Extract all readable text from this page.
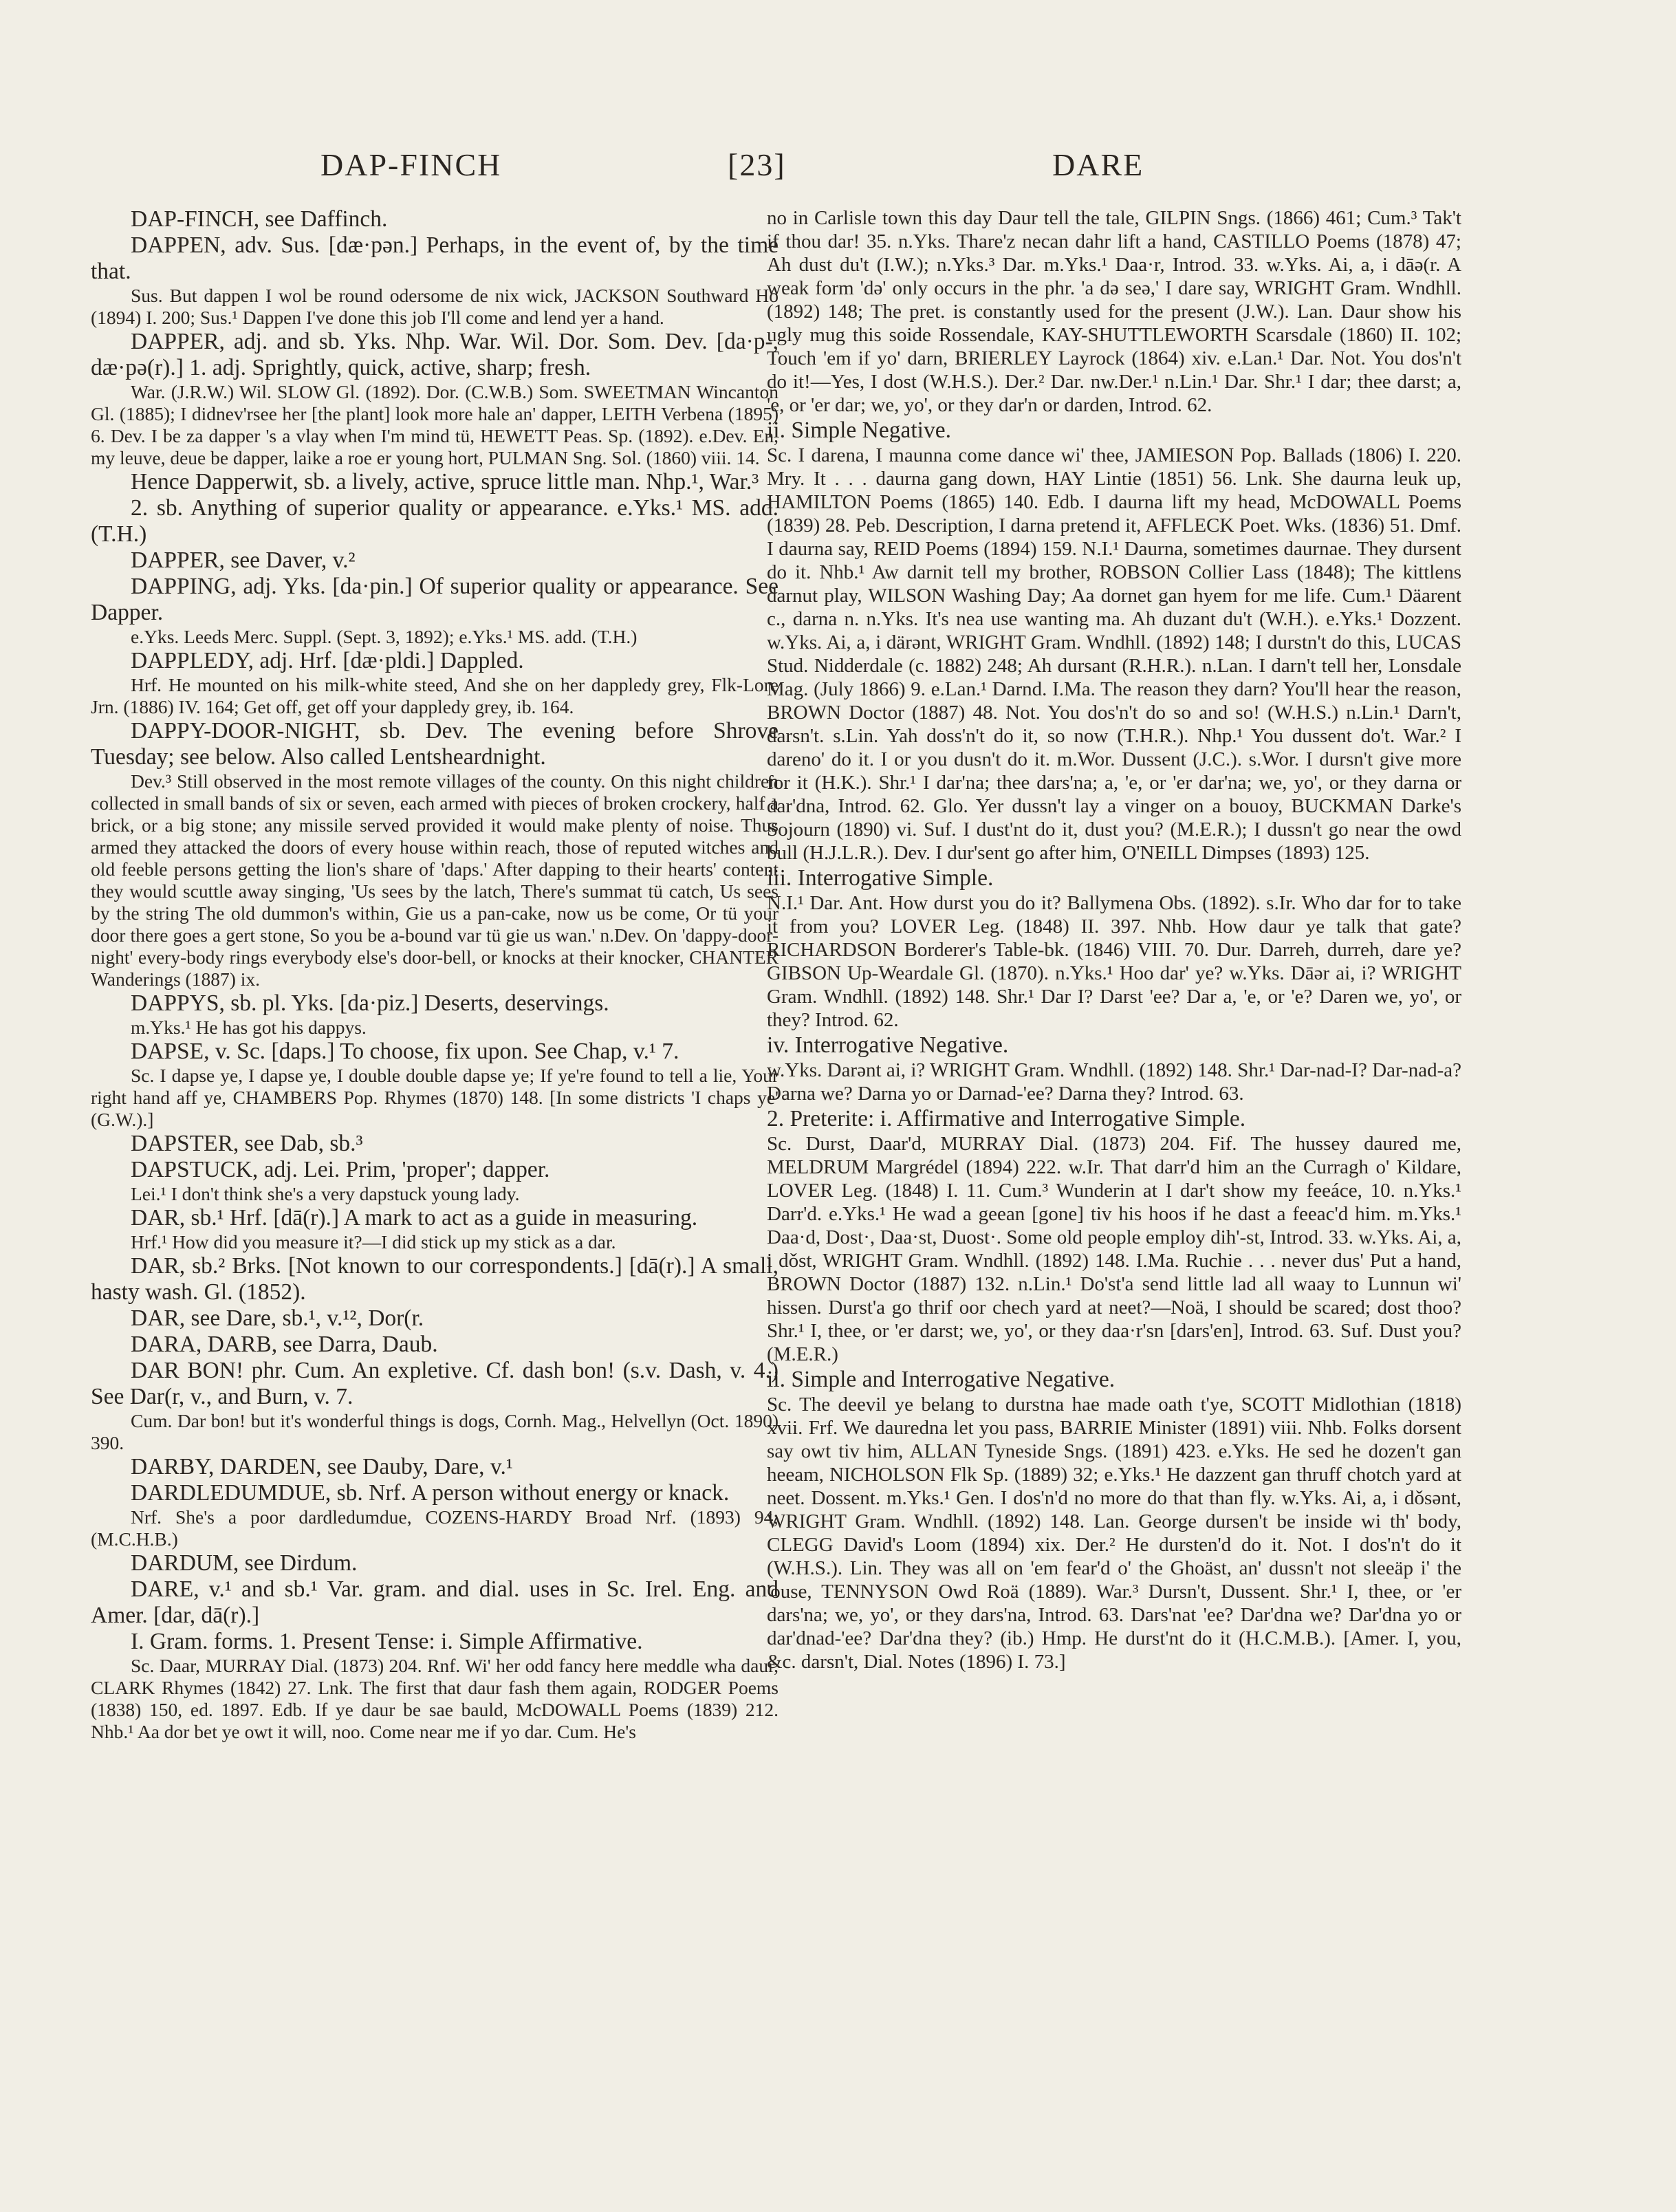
DAP-FINCH	[23]	DARE

DAP-FINCH, see Daffinch.

DAPPEN, adv. Sus. [dæ·pən.] Perhaps, in the event of, by the time that.

Sus. But dappen I wol be round odersome de nix wick, JACKSON Southward Ho (1894) I. 200; Sus.¹ Dappen I've done this job I'll come and lend yer a hand.

DAPPER, adj. and sb. Yks. Nhp. War. Wil. Dor. Som. Dev. [da·p-, dæ·pə(r).] 1. adj. Sprightly, quick, active, sharp; fresh.

War. (J.R.W.) Wil. SLOW Gl. (1892). Dor. (C.W.B.) Som. SWEETMAN Wincanton Gl. (1885); I didnev'rsee her [the plant] look more hale an' dapper, LEITH Verbena (1895) 6. Dev. I be za dapper 's a vlay when I'm mind tü, HEWETT Peas. Sp. (1892). e.Dev. En, my leuve, deue be dapper, laike a roe er young hort, PULMAN Sng. Sol. (1860) viii. 14.

Hence Dapperwit, sb. a lively, active, spruce little man. Nhp.¹, War.³

2. sb. Anything of superior quality or appearance. e.Yks.¹ MS. add. (T.H.)

DAPPER, see Daver, v.²

DAPPING, adj. Yks. [da·pin.] Of superior quality or appearance. See Dapper.

e.Yks. Leeds Merc. Suppl. (Sept. 3, 1892); e.Yks.¹ MS. add. (T.H.)

DAPPLEDY, adj. Hrf. [dæ·pldi.] Dappled.

Hrf. He mounted on his milk-white steed, And she on her dappledy grey, Flk-Lore Jrn. (1886) IV. 164; Get off, get off your dappledy grey, ib. 164.

DAPPY-DOOR-NIGHT, sb. Dev. The evening before Shrove Tuesday; see below. Also called Lentsheardnight.

Dev.³ Still observed in the most remote villages of the county. On this night children collected in small bands of six or seven, each armed with pieces of broken crockery, half a brick, or a big stone; any missile served provided it would make plenty of noise. Thus armed they attacked the doors of every house within reach, those of reputed witches and old feeble persons getting the lion's share of 'daps.' After dapping to their hearts' content they would scuttle away singing, 'Us sees by the latch, There's summat tü catch, Us sees by the string The old dummon's within, Gie us a pan-cake, now us be come, Or tü your door there goes a gert stone, So you be a-bound var tü gie us wan.' n.Dev. On 'dappy-door-night' every-body rings everybody else's door-bell, or knocks at their knocker, CHANTER Wanderings (1887) ix.

DAPPYS, sb. pl. Yks. [da·piz.] Deserts, deservings.

m.Yks.¹ He has got his dappys.

DAPSE, v. Sc. [daps.] To choose, fix upon. See Chap, v.¹ 7.

Sc. I dapse ye, I dapse ye, I double double dapse ye; If ye're found to tell a lie, Your right hand aff ye, CHAMBERS Pop. Rhymes (1870) 148. [In some districts 'I chaps ye' (G.W.).]

DAPSTER, see Dab, sb.³

DAPSTUCK, adj. Lei. Prim, 'proper'; dapper.

Lei.¹ I don't think she's a very dapstuck young lady.

DAR, sb.¹ Hrf. [dā(r).] A mark to act as a guide in measuring.

Hrf.¹ How did you measure it?—I did stick up my stick as a dar.

DAR, sb.² Brks. [Not known to our correspondents.] [dā(r).] A small, hasty wash. Gl. (1852).

DAR, see Dare, sb.¹, v.¹², Dor(r.

DARA, DARB, see Darra, Daub.

DAR BON! phr. Cum. An expletive. Cf. dash bon! (s.v. Dash, v. 4.) See Dar(r, v., and Burn, v. 7.

Cum. Dar bon! but it's wonderful things is dogs, Cornh. Mag., Helvellyn (Oct. 1890) 390.

DARBY, DARDEN, see Dauby, Dare, v.¹

DARDLEDUMDUE, sb. Nrf. A person without energy or knack.

Nrf. She's a poor dardledumdue, COZENS-HARDY Broad Nrf. (1893) 94; (M.C.H.B.)

DARDUM, see Dirdum.

DARE, v.¹ and sb.¹ Var. gram. and dial. uses in Sc. Irel. Eng. and Amer. [dar, dā(r).]

I. Gram. forms. 1. Present Tense: i. Simple Affirmative.

Sc. Daar, MURRAY Dial. (1873) 204. Rnf. Wi' her odd fancy here meddle wha daur, CLARK Rhymes (1842) 27. Lnk. The first that daur fash them again, RODGER Poems (1838) 150, ed. 1897. Edb. If ye daur be sae bauld, McDOWALL Poems (1839) 212. Nhb.¹ Aa dor bet ye owt it will, noo. Come near me if yo dar. Cum. He's

no in Carlisle town this day Daur tell the tale, GILPIN Sngs. (1866) 461; Cum.³ Tak't if thou dar! 35. n.Yks. Thare'z necan dahr lift a hand, CASTILLO Poems (1878) 47; Ah dust du't (I.W.); n.Yks.³ Dar. m.Yks.¹ Daa·r, Introd. 33. w.Yks. Ai, a, i dāə(r. A weak form 'də' only occurs in the phr. 'a də seə,' I dare say, WRIGHT Gram. Wndhll. (1892) 148; The pret. is constantly used for the present (J.W.). Lan. Daur show his ugly mug this soide Rossendale, KAY-SHUTTLEWORTH Scarsdale (1860) II. 102; Touch 'em if yo' darn, BRIERLEY Layrock (1864) xiv. e.Lan.¹ Dar. Not. You dos'n't do it!—Yes, I dost (W.H.S.). Der.² Dar. nw.Der.¹ n.Lin.¹ Dar. Shr.¹ I dar; thee darst; a, 'e, or 'er dar; we, yo', or they dar'n or darden, Introd. 62.

ii. Simple Negative.

Sc. I darena, I maunna come dance wi' thee, JAMIESON Pop. Ballads (1806) I. 220. Mry. It . . . daurna gang down, HAY Lintie (1851) 56. Lnk. She daurna leuk up, HAMILTON Poems (1865) 140. Edb. I daurna lift my head, McDOWALL Poems (1839) 28. Peb. Description, I darna pretend it, AFFLECK Poet. Wks. (1836) 51. Dmf. I daurna say, REID Poems (1894) 159. N.I.¹ Daurna, sometimes daurnae. They dursent do it. Nhb.¹ Aw darnit tell my brother, ROBSON Collier Lass (1848); The kittlens darnut play, WILSON Washing Day; Aa dornet gan hyem for me life. Cum.¹ Däarent c., darna n. n.Yks. It's nea use wanting ma. Ah duzant du't (W.H.). e.Yks.¹ Dozzent. w.Yks. Ai, a, i därənt, WRIGHT Gram. Wndhll. (1892) 148; I durstn't do this, LUCAS Stud. Nidderdale (c. 1882) 248; Ah dursant (R.H.R.). n.Lan. I darn't tell her, Lonsdale Mag. (July 1866) 9. e.Lan.¹ Darnd. I.Ma. The reason they darn? You'll hear the reason, BROWN Doctor (1887) 48. Not. You dos'n't do so and so! (W.H.S.) n.Lin.¹ Darn't, darsn't. s.Lin. Yah doss'n't do it, so now (T.H.R.). Nhp.¹ You dussent do't. War.² I dareno' do it. I or you dusn't do it. m.Wor. Dussent (J.C.). s.Wor. I dursn't give more for it (H.K.). Shr.¹ I dar'na; thee dars'na; a, 'e, or 'er dar'na; we, yo', or they darna or dar'dna, Introd. 62. Glo. Yer dussn't lay a vinger on a bouoy, BUCKMAN Darke's Sojourn (1890) vi. Suf. I dust'nt do it, dust you? (M.E.R.); I dussn't go near the owd bull (H.J.L.R.). Dev. I dur'sent go after him, O'NEILL Dimpses (1893) 125.

iii. Interrogative Simple.

N.I.¹ Dar. Ant. How durst you do it? Ballymena Obs. (1892). s.Ir. Who dar for to take it from you? LOVER Leg. (1848) II. 397. Nhb. How daur ye talk that gate? RICHARDSON Borderer's Table-bk. (1846) VIII. 70. Dur. Darreh, durreh, dare ye? GIBSON Up-Weardale Gl. (1870). n.Yks.¹ Hoo dar' ye? w.Yks. Dāər ai, i? WRIGHT Gram. Wndhll. (1892) 148. Shr.¹ Dar I? Darst 'ee? Dar a, 'e, or 'e? Daren we, yo', or they? Introd. 62.

iv. Interrogative Negative.

w.Yks. Darənt ai, i? WRIGHT Gram. Wndhll. (1892) 148. Shr.¹ Dar-nad-I? Dar-nad-a? Darna we? Darna yo or Darnad-'ee? Darna they? Introd. 63.

2. Preterite: i. Affirmative and Interrogative Simple.

Sc. Durst, Daar'd, MURRAY Dial. (1873) 204. Fif. The hussey daured me, MELDRUM Margrédel (1894) 222. w.Ir. That darr'd him an the Curragh o' Kildare, LOVER Leg. (1848) I. 11. Cum.³ Wunderin at I dar't show my feeáce, 10. n.Yks.¹ Darr'd. e.Yks.¹ He wad a geean [gone] tiv his hoos if he dast a feeac'd him. m.Yks.¹ Daa·d, Dost·, Daa·st, Duost·. Some old people employ dih'-st, Introd. 33. w.Yks. Ai, a, i dǒst, WRIGHT Gram. Wndhll. (1892) 148. I.Ma. Ruchie . . . never dus' Put a hand, BROWN Doctor (1887) 132. n.Lin.¹ Do'st'a send little lad all waay to Lunnun wi' hissen. Durst'a go thrif oor chech yard at neet?—Noä, I should be scared; dost thoo? Shr.¹ I, thee, or 'er darst; we, yo', or they daa·r'sn [dars'en], Introd. 63. Suf. Dust you? (M.E.R.)

ii. Simple and Interrogative Negative.

Sc. The deevil ye belang to durstna hae made oath t'ye, SCOTT Midlothian (1818) xvii. Frf. We dauredna let you pass, BARRIE Minister (1891) viii. Nhb. Folks dorsent say owt tiv him, ALLAN Tyneside Sngs. (1891) 423. e.Yks. He sed he dozen't gan heeam, NICHOLSON Flk Sp. (1889) 32; e.Yks.¹ He dazzent gan thruff chotch yard at neet. Dossent. m.Yks.¹ Gen. I dos'n'd no more do that than fly. w.Yks. Ai, a, i dǒsənt, WRIGHT Gram. Wndhll. (1892) 148. Lan. George dursen't be inside wi th' body, CLEGG David's Loom (1894) xix. Der.² He dursten'd do it. Not. I dos'n't do it (W.H.S.). Lin. They was all on 'em fear'd o' the Ghoäst, an' dussn't not sleeäp i' the 'ouse, TENNYSON Owd Roä (1889). War.³ Dursn't, Dussent. Shr.¹ I, thee, or 'er dars'na; we, yo', or they dars'na, Introd. 63. Dars'nat 'ee? Dar'dna we? Dar'dna yo or dar'dnad-'ee? Dar'dna they? (ib.) Hmp. He durst'nt do it (H.C.M.B.). [Amer. I, you, &c. darsn't, Dial. Notes (1896) I. 73.]
